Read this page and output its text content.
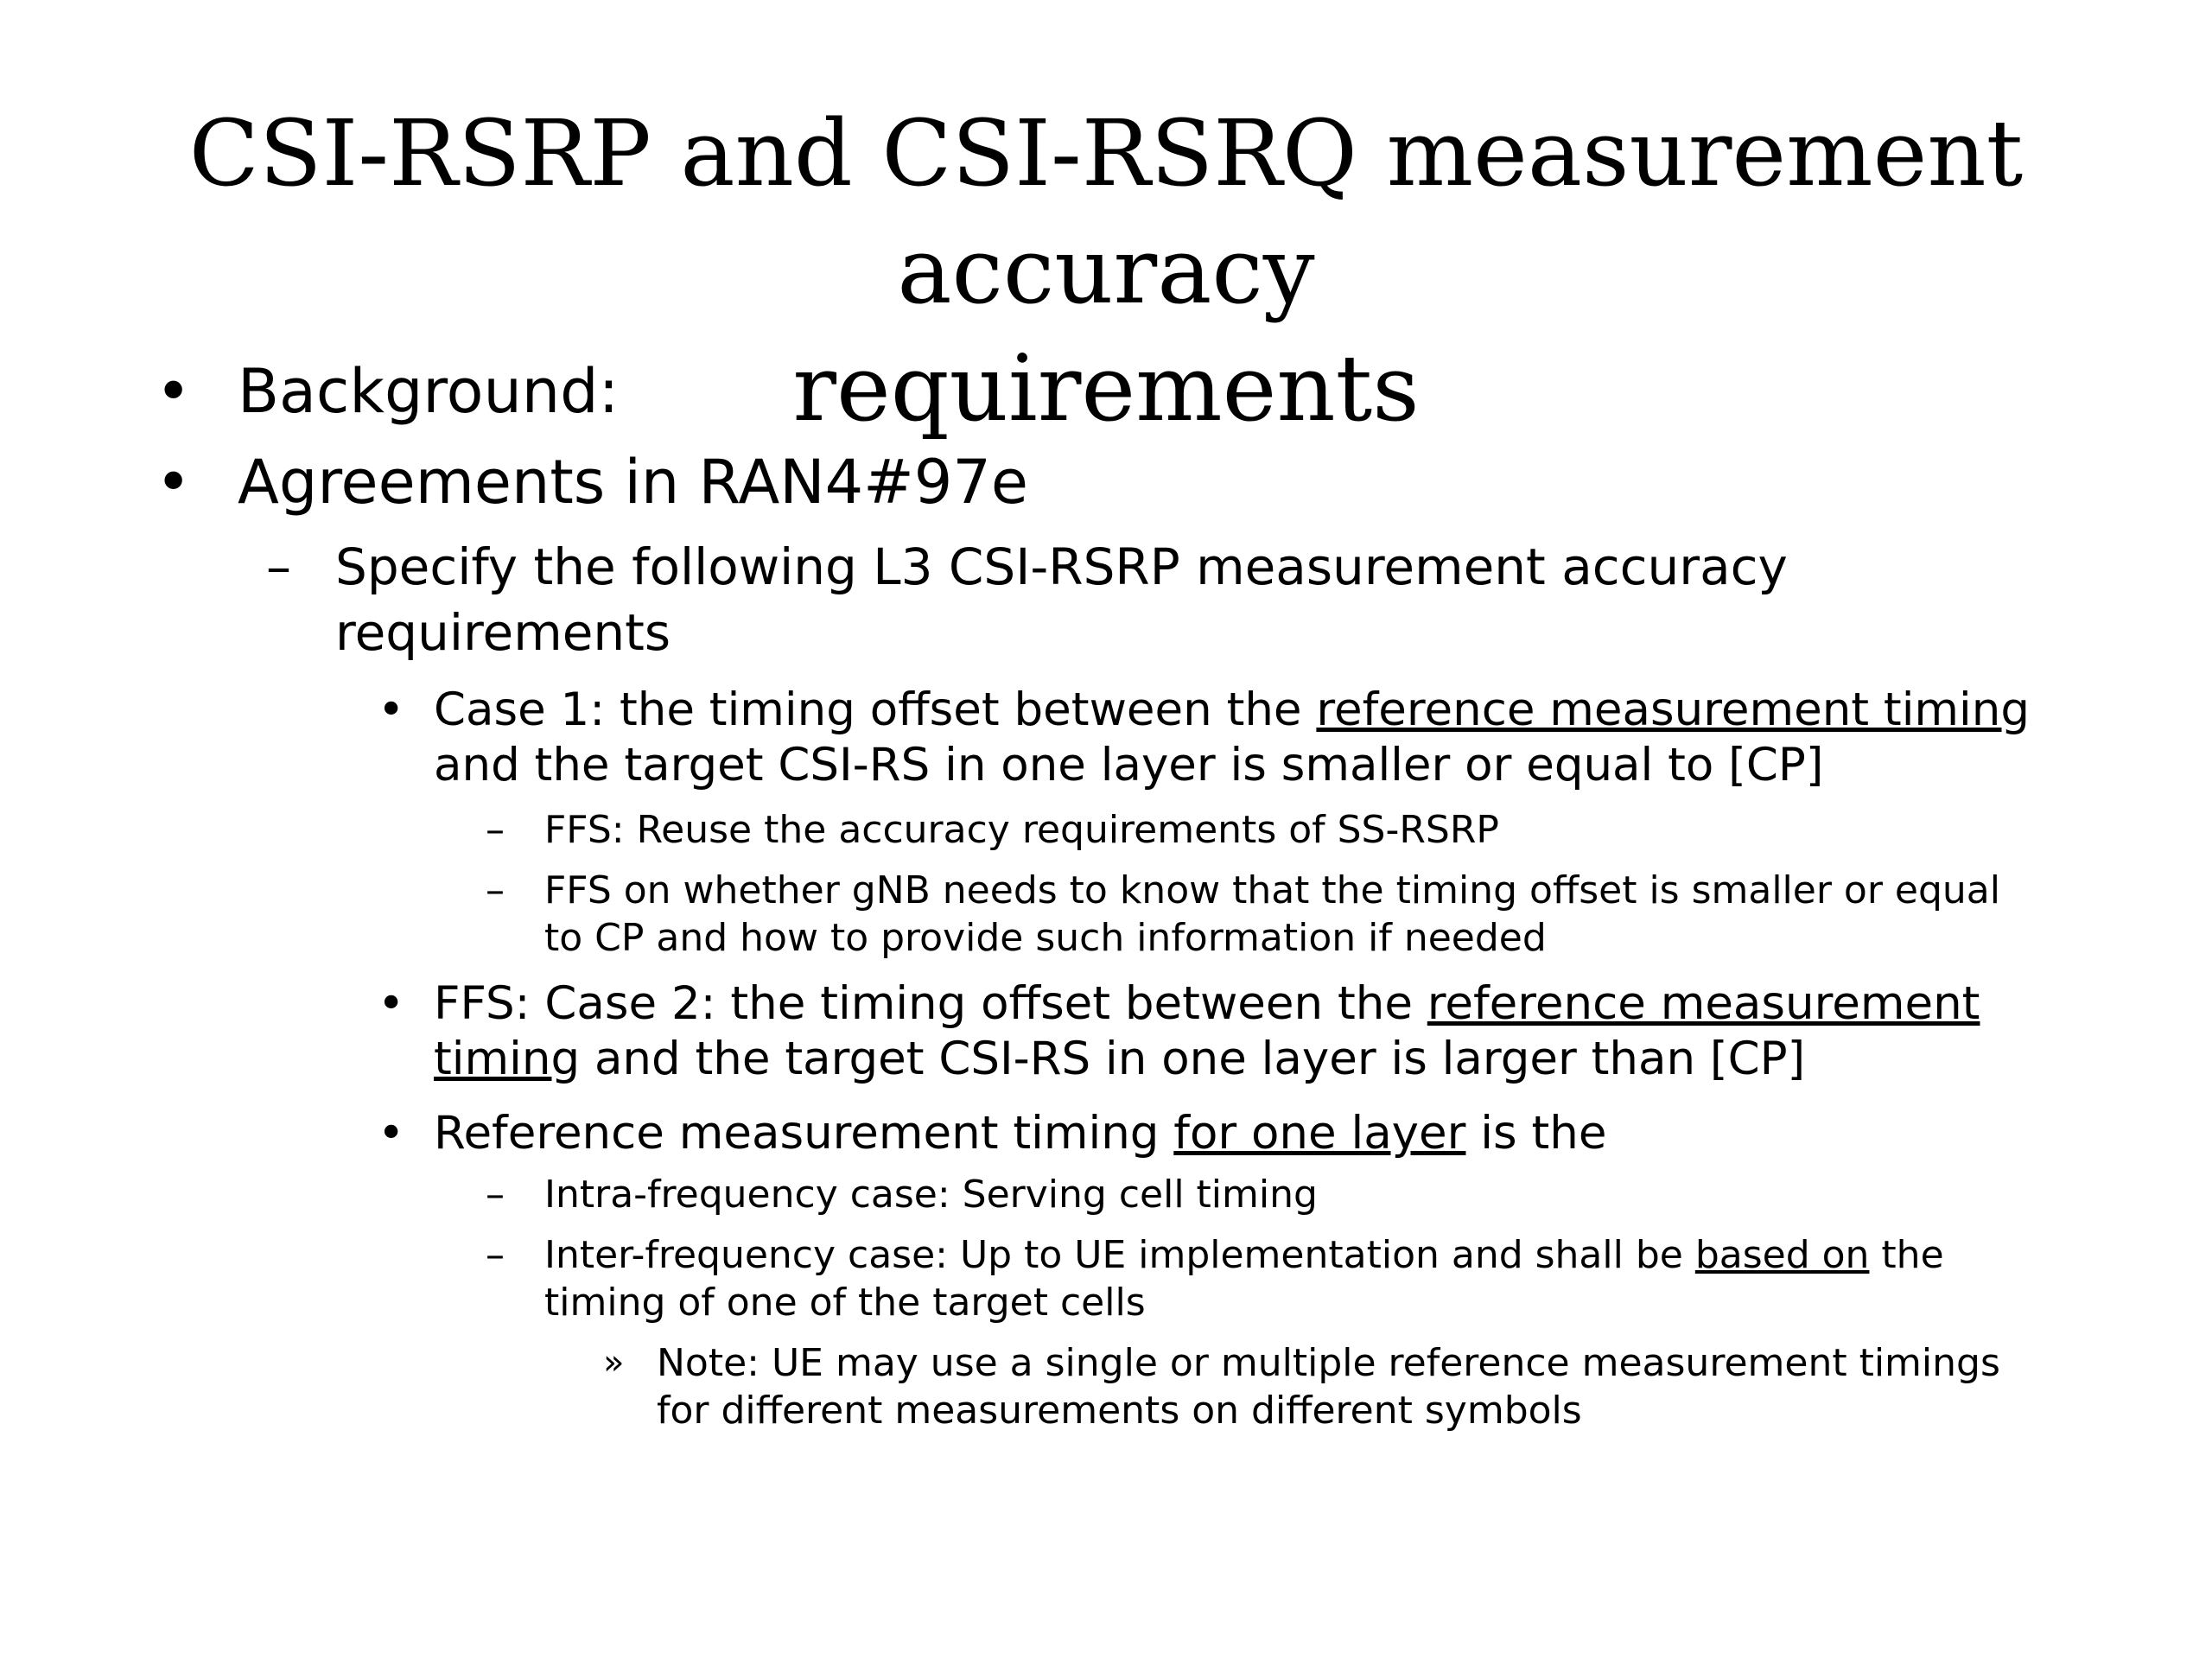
CSI-RSRP and CSI-RSRQ measurement accuracy
requirements
• Background:
• Agreements in RAN4#97e
– Specify the following L3 CSI-RSRP measurement accuracy
requirements
• Case 1: the timing offset between the reference measurement timing
and the target CSI-RS in one layer is smaller or equal to [CP]
– FFS: Reuse the accuracy requirements of SS-RSRP
– FFS on whether gNB needs to know that the timing offset is smaller or equal
to CP and how to provide such information if needed
• FFS: Case 2: the timing offset between the reference measurement
timing and the target CSI-RS in one layer is larger than [CP]
• Reference measurement timing for one layer is the
– Intra-frequency case: Serving cell timing
– Inter-frequency case: Up to UE implementation and shall be based on the
timing of one of the target cells
» Note: UE may use a single or multiple reference measurement timings
for different measurements on different symbols
